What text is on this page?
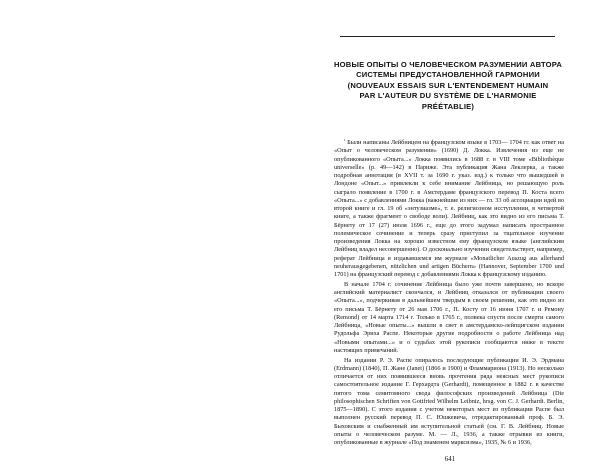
НОВЫЕ ОПЫТЫ О ЧЕЛОВЕЧЕСКОМ РАЗУМЕНИИ АВТОРА
СИСТЕМЫ ПРЕДУСТАНОВЛЕННОЙ ГАРМОНИИ
(NOUVEAUX ESSAIS SUR L'ENTENDEMENT HUMAIN
PAR L'AUTEUR DU SYSTÈME DE L'HARMONIE
PRÉÉTABLIE)

$^{^1}$ Были написаны Лейбницем на французском языке в 1703— 1704 гг. как ответ на «Опыт о человеческом разумении» (1690) Д. Локка. Извлечения из еще не опубликованного «Опыта...» Локка появились в 1688 г. в VIII томе «Bibliothèque universelle» (р. 49—142) в Париже. Эта публикация Жана Леклерка, а также подробная аннотация (в XVII т. за 1690 г. указ. изд.) к только что вышедшей в Лондоне «Опыт...» привлекли к себе внимание Лейбница, но решающую роль сыграло появление в 1700 г. в Амстердаме французского перевод П. Коста всего «Опыта...» с добавлениями Локка (важнейшие из них — гл. 33 об ассоциации идей во второй книге и гл. 19 об «энтузиазме», т. е. религиозном исступлении, в четвертой книге, а также фрагмент о свободе воли). Лейбниц, как это видно из его письма Т. Бёрнету от 17 (27) июля 1696 г., еще до этого задумал написать пространное полемическое сочинение и теперь сразу приступил за тщательное изучение произведения Локка на хорошо известном ему французском языке (английским Лейбниц владел несовершенно). О досконально изучении свидетельствует, например, реферат Лейбница в издававшемся им журнале «Monatlicher Auszug aus allerhand neuherausgegebenen, nützlichen und artigen Büchern» (Hannover, September 1700 und 1701) на французский перевод с добавлениями Локка к французскому изданию.

В начале 1704 г. сочинение Лейбница было уже почти завершено, но вскоре английский материалист скончался, и Лейбниц отказался от публикации своего «Опыта...», подчеркивая в дальнейшем твердым в своем решении, как это видно из его письма Т. Бёрнету от 26 мая 1706 г., П. Косту от 16 июня 1707 г. и Ремону (Remond) от 14 марта 1714 г. Только в 1765 г., полвека спустя после смерти самого Лейбница, «Новые опыты...» вышли в свет в амстердамско-лейпцигском издании Рудольфа Эриха Распе. Некоторые другие подробности о работе Лейбница над «Новыми опытами...» и о судьбах этой рукописи сообщаются ниже в тексте настоящих примечаний.

На издании Р. Э. Распе опиралось последующие публикации И. Э. Эрдмана (Erdmann) (1840), П. Жане (Janet) (1866 и 1900) и Фламмариона (1913). Но несколько отличается от них появившееся вновь прочтения ряда неясных мест рукописи самостоятельное издание Г. Герхардта (Gerhardt), помещенное в 1882 г. в качестве пятого тома семитомного свода философских произведений Лейбница (Die philosophischen Schriften von Gottfried Wilhelm Leibniz, hrsg. von C. J. Gerhardt. Berlin, 1875—1890). С этого издания с учетом некоторых мест из публикации Распе был выполнен русский перевод П. С. Юшкевича, отредактированный проф. Б. Э. Быховским и снабженный им вступительной статьей (см. Г. В. Лейбниц. Новые опыты о человеческом разуме. М. — Л., 1936, а также отрывки из книги, опубликованные в журнале «Под знаменем марксизма», 1935, № 6 и 1936,

641
